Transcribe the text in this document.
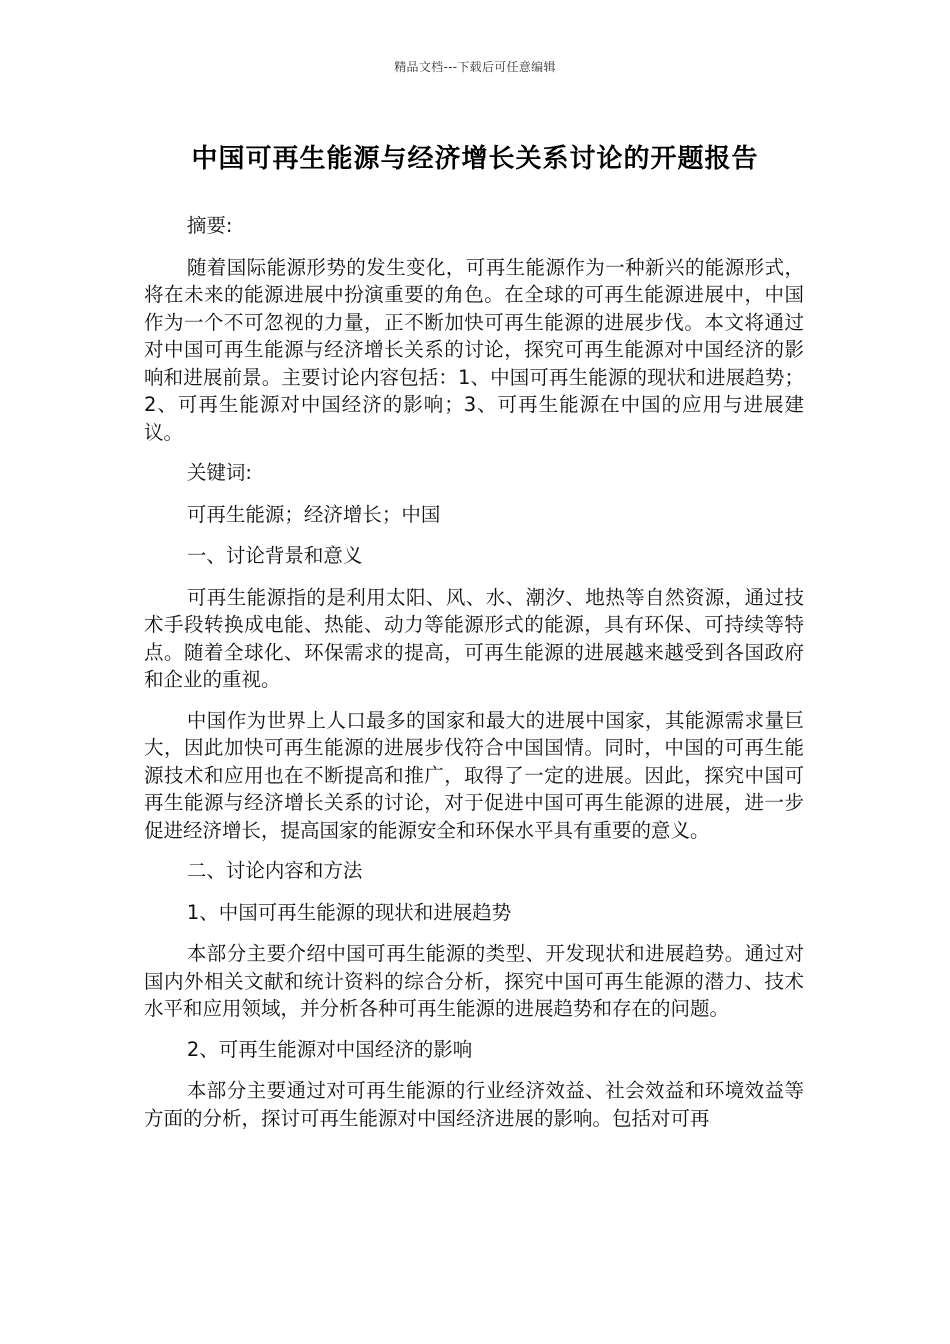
精品文档---下载后可任意编辑
中国可再生能源与经济增长关系讨论的开题报告

摘要:

随着国际能源形势的发生变化，可再生能源作为一种新兴的能源形式，将在未来的能源进展中扮演重要的角色。在全球的可再生能源进展中，中国作为一个不可忽视的力量，正不断加快可再生能源的进展步伐。本文将通过对中国可再生能源与经济增长关系的讨论，探究可再生能源对中国经济的影响和进展前景。主要讨论内容包括：1、中国可再生能源的现状和进展趋势；2、可再生能源对中国经济的影响；3、可再生能源在中国的应用与进展建议。

关键词:

可再生能源；经济增长；中国

一、讨论背景和意义

可再生能源指的是利用太阳、风、水、潮汐、地热等自然资源，通过技术手段转换成电能、热能、动力等能源形式的能源，具有环保、可持续等特点。随着全球化、环保需求的提高，可再生能源的进展越来越受到各国政府和企业的重视。

中国作为世界上人口最多的国家和最大的进展中国家，其能源需求量巨大，因此加快可再生能源的进展步伐符合中国国情。同时，中国的可再生能源技术和应用也在不断提高和推广，取得了一定的进展。因此，探究中国可再生能源与经济增长关系的讨论，对于促进中国可再生能源的进展，进一步促进经济增长，提高国家的能源安全和环保水平具有重要的意义。

二、讨论内容和方法

1、中国可再生能源的现状和进展趋势

本部分主要介绍中国可再生能源的类型、开发现状和进展趋势。通过对国内外相关文献和统计资料的综合分析，探究中国可再生能源的潜力、技术水平和应用领域，并分析各种可再生能源的进展趋势和存在的问题。

2、可再生能源对中国经济的影响

本部分主要通过对可再生能源的行业经济效益、社会效益和环境效益等方面的分析，探讨可再生能源对中国经济进展的影响。包括对可再
